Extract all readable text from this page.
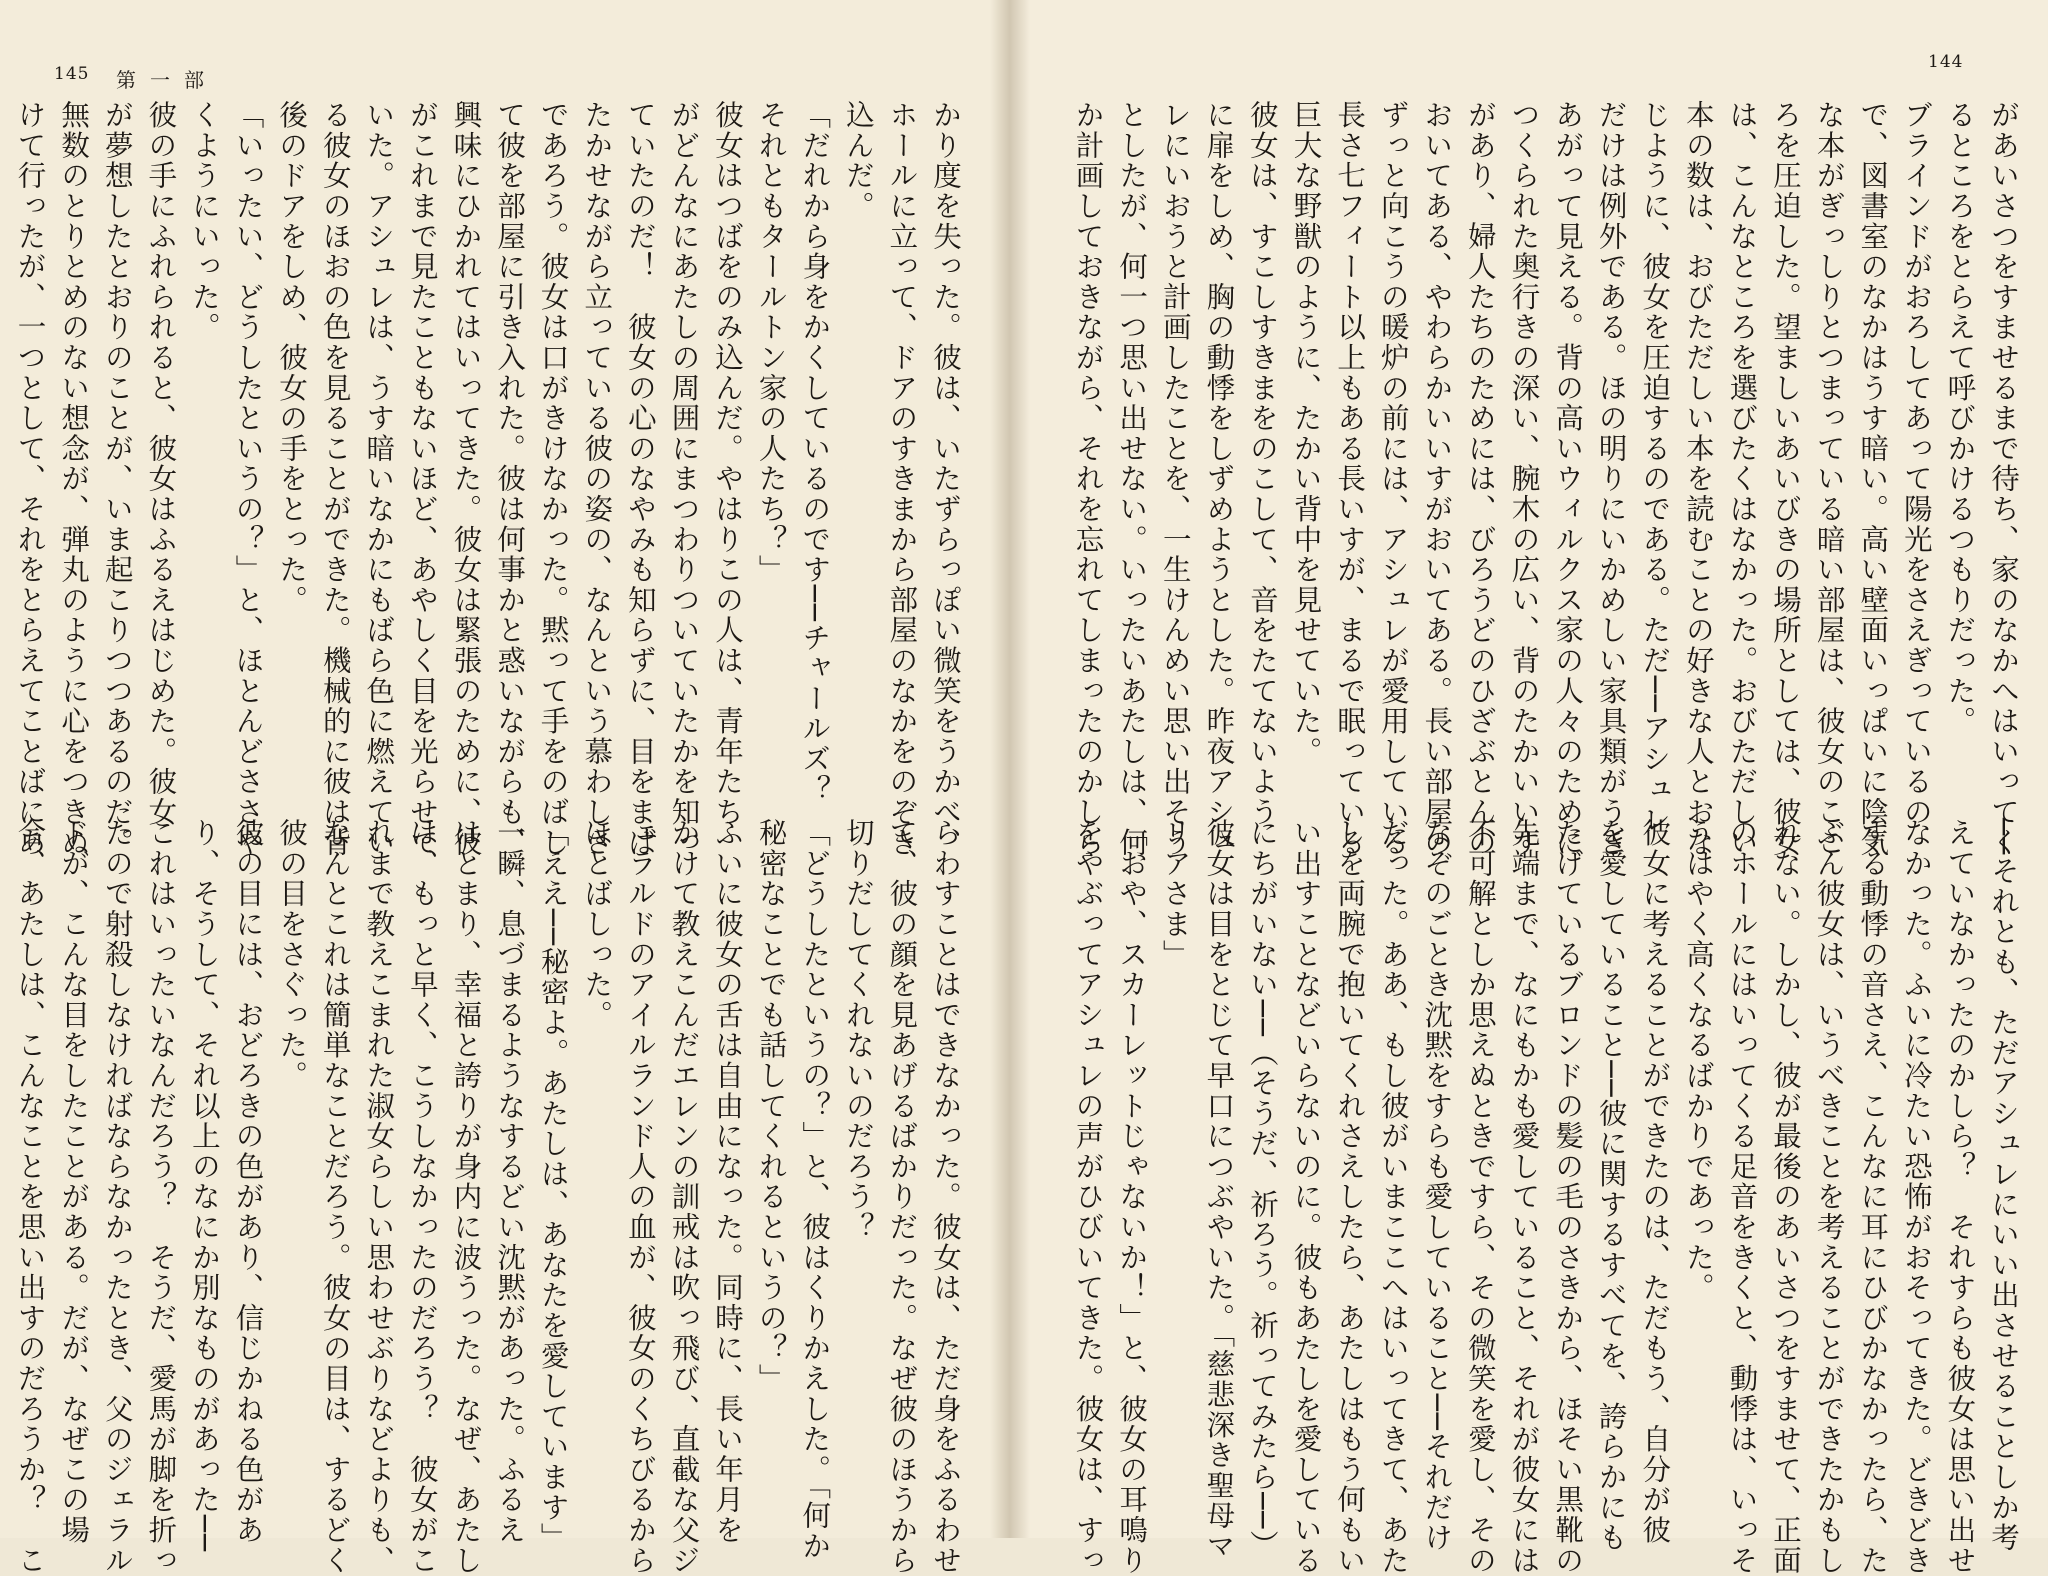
145 第一部
かり度を失った。彼は、いたずらっぽい微笑をうかべ、
ホールに立って、ドアのすきまから部屋のなかをのぞき
込んだ。
「だれから身をかくしているのです──チャールズ？
それともタールトン家の人たち？」
彼女はつばをのみ込んだ。やはりこの人は、青年たち
がどんなにあたしの周囲にまつわりついていたかを知っ
ていたのだ！　彼女の心のなやみも知らずに、目をまば
たかせながら立っている彼の姿の、なんという慕わしさ
であろう。彼女は口がきけなかった。黙って手をのばし
て彼を部屋に引き入れた。彼は何事かと惑いながらも、
興味にひかれてはいってきた。彼女は緊張のために、彼
がこれまで見たこともないほど、あやしく目を光らせて
いた。アシュレは、うす暗いなかにもばら色に燃えてい
る彼女のほおの色を見ることができた。機械的に彼は背
後のドアをしめ、彼女の手をとった。
「いったい、どうしたというの？」と、ほとんどささや
くようにいった。
彼の手にふれられると、彼女はふるえはじめた。彼女
が夢想したとおりのことが、いま起こりつつあるのだ。
無数のとりとめのない想念が、弾丸のように心をつきぬ
けて行ったが、一つとして、それをとらえてことばにあ
らわすことはできなかった。彼女は、ただ身をふるわせ
て、彼の顔を見あげるばかりだった。なぜ彼のほうから
切りだしてくれないのだろう？
「どうしたというの？」と、彼はくりかえした。「何か
秘密なことでも話してくれるというの？」
ふいに彼女の舌は自由になった。同時に、長い年月を
かけて教えこんだエレンの訓戒は吹っ飛び、直截な父ジ
ェラルドのアイルランド人の血が、彼女のくちびるから
ほとばしった。
「ええ──秘密よ。あたしは、あなたを愛しています」
一瞬、息づまるようなするどい沈黙があった。ふるえ
はとまり、幸福と誇りが身内に波うった。なぜ、あたし
は、もっと早く、こうしなかったのだろう？　彼女がこ
れまで教えこまれた淑女らしい思わせぶりなどよりも、
なんとこれは簡単なことだろう。彼女の目は、するどく
彼の目をさぐった。
彼の目には、おどろきの色があり、信じかねる色があ
り、そうして、それ以上のなにか別なものがあった──
これはいったいなんだろう？　そうだ、愛馬が脚を折っ
たので射殺しなければならなかったとき、父のジェラル
ドが、こんな目をしたことがある。だが、なぜこの場
合、あたしは、こんなことを思い出すのだろうか？　こ
144
があいさつをすませるまで待ち、家のなかへはいってく
るところをとらえて呼びかけるつもりだった。
ブラインドがおろしてあって陽光をさえぎっているの
で、図書室のなかはうす暗い。高い壁面いっぱいに陰気
な本がぎっしりとつまっている暗い部屋は、彼女のここ
ろを圧迫した。望ましいあいびきの場所としては、彼女
は、こんなところを選びたくはなかった。おびただしい
本の数は、おびただしい本を読むことの好きな人とおな
じように、彼女を圧迫するのである。ただ──アシュレ
だけは例外である。ほの明りにいかめしい家具類がうき
あがって見える。背の高いウィルクス家の人々のために
つくられた奥行きの深い、腕木の広い、背のたかいいす
があり、婦人たちのためには、びろうどのひざぶとんの
おいてある、やわらかいいすがおいてある。長い部屋の
ずっと向こうの暖炉の前には、アシュレが愛用している
長さ七フィート以上もある長いすが、まるで眠っている
巨大な野獣のように、たかい背中を見せていた。
彼女は、すこしすきまをのこして、音をたてないよう
に扉をしめ、胸の動悸をしずめようとした。昨夜アシュ
レにいおうと計画したことを、一生けんめい思い出そう
としたが、何一つ思い出せない。いったいあたしは、何
か計画しておきながら、それを忘れてしまったのかしら
──それとも、ただアシュレにいい出させることしか考
えていなかったのかしら？　それすらも彼女は思い出せ
なかった。ふいに冷たい恐怖がおそってきた。どきどき
する動悸の音さえ、こんなに耳にひびかなかったら、た
ぶん彼女は、いうべきことを考えることができたかもし
れない。しかし、彼が最後のあいさつをすませて、正面
のホールにはいってくる足音をきくと、動悸は、いっそ
うはやく高くなるばかりであった。
彼女に考えることができたのは、ただもう、自分が彼
を愛していること──彼に関するすべてを、誇らかにも
たげているブロンドの髪の毛のさきから、ほそい黒靴の
先端まで、なにもかも愛していること、それが彼女には
不可解としか思えぬときですら、その微笑を愛し、その
なぞのごとき沈黙をすらも愛していること──それだけ
だった。ああ、もし彼がいまここへはいってきて、あた
しを両腕で抱いてくれさえしたら、あたしはもう何もい
い出すことなどいらないのに。彼もあたしを愛している
にちがいない──（そうだ、祈ろう。祈ってみたら──）
彼女は目をとじて早口につぶやいた。「慈悲深き聖母マ
リアさま」
「おや、スカーレットじゃないか！」と、彼女の耳鳴り
をやぶってアシュレの声がひびいてきた。彼女は、すっ
